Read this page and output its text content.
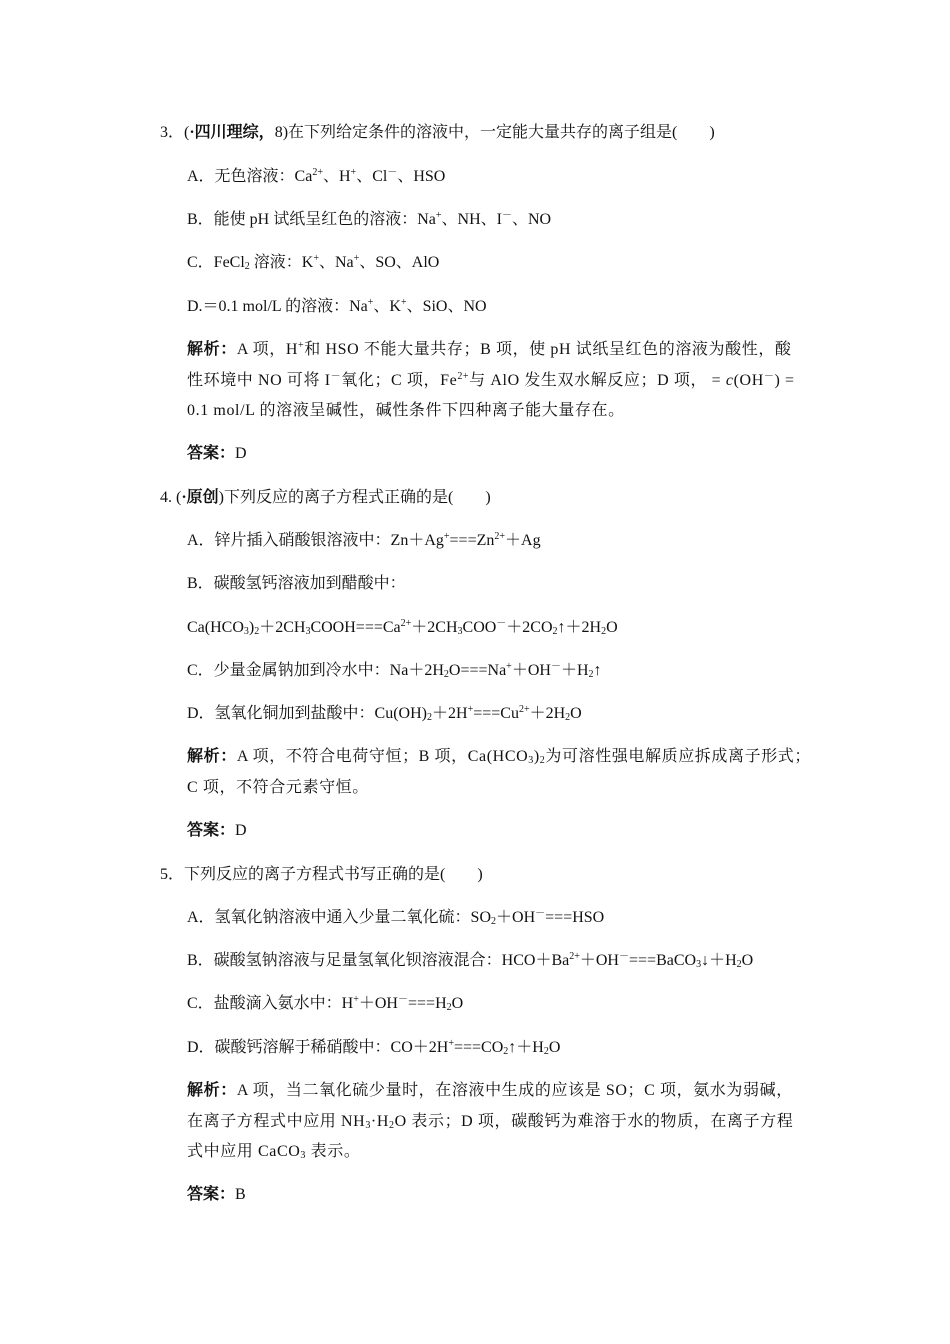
3．(·四川理综，8)在下列给定条件的溶液中，一定能大量共存的离子组是(　　)
A．无色溶液：$Ca^{2+}$、H+、Cl－、HSO
B．能使 pH 试纸呈红色的溶液：Na+、NH、I－、NO
C．FeCl$_2$ 溶液：K+、Na+、SO、AlO
D.＝0.1 mol/L 的溶液：Na+、K+、SiO、NO
解析：A 项，H+和 HSO 不能大量共存；B 项，使 pH 试纸呈红色的溶液为酸性，酸
性环境中 NO 可将 I－氧化；C 项，$Fe^{2+}$与 AlO 发生双水解反应；D 项， = c(OH－) =
0.1 mol/L 的溶液呈碱性，碱性条件下四种离子能大量存在。
答案：D
4. (·原创)下列反应的离子方程式正确的是(　　)
A．锌片插入硝酸银溶液中：$Zn+Ag^+===Zn^{2+}+Ag$
B．碳酸氢钙溶液加到醋酸中：
$Ca(HCO_3)_2+2CH_3COOH===Ca^{2+}+2CH_3COO^-+2CO_2↑+2H_2O$
C．少量金属钠加到冷水中：$Na+2H_2O===Na^++OH^-+H_2↑$
D．氢氧化铜加到盐酸中：$Cu(OH)_2+2H^+===Cu^{2+}+2H_2O$
解析：A 项，不符合电荷守恒；B 项，$Ca(HCO_3)_2$为可溶性强电解质应拆成离子形式；
C 项，不符合元素守恒。
答案：D
5．下列反应的离子方程式书写正确的是(　　)
A．氢氧化钠溶液中通入少量二氧化硫：$SO_2+OH^-===HSO$
B．碳酸氢钠溶液与足量氢氧化钡溶液混合：$HCO+Ba^{2+}+OH^-===BaCO_3↓+H_2O$
C．盐酸滴入氨水中：$H^++OH^-===H_2O$
D．碳酸钙溶解于稀硝酸中：$CO+2H^+===CO_2↑+H_2O$
解析：A 项，当二氧化硫少量时，在溶液中生成的应该是 SO；C 项，氨水为弱碱，
在离子方程式中应用 $NH_3\cdot H_2O$ 表示；D 项，碳酸钙为难溶于水的物质，在离子方程
式中应用 CaCO$_3$ 表示。
答案：B
